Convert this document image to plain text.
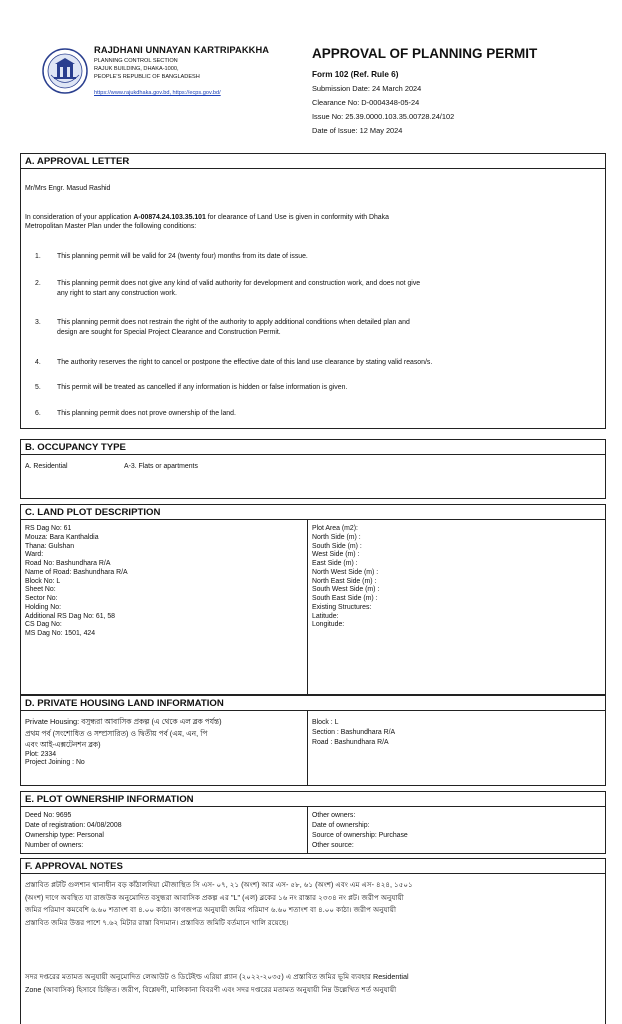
RAJDHANI UNNAYAN KARTRIPAKKHA
PLANNING CONTROL SECTION
RAJUK BUILDING, DHAKA-1000,
PEOPLE'S REPUBLIC OF BANGLADESH
https://www.rajukdhaka.gov.bd, https://ecps.gov.bd/
APPROVAL OF PLANNING PERMIT
Form 102 (Ref. Rule 6)
Submission Date: 24 March 2024
Clearance No: D-0004348-05-24
Issue No: 25.39.0000.103.35.00728.24/102
Date of Issue: 12 May 2024
A. APPROVAL LETTER
Mr/Mrs Engr. Masud Rashid
In consideration of your application A-00874.24.103.35.101 for clearance of Land Use is given in conformity with Dhaka
Metropolitan Master Plan under the following conditions:
1.	This planning permit will be valid for 24 (twenty four) months from its date of issue.
2.	This planning permit does not give any kind of valid authority for development and construction work, and does not give
any right to start any construction work.
3.	This planning permit does not restrain the right of the authority to apply additional conditions when detailed plan and
design are sought for Special Project Clearance and Construction Permit.
4.	The authority reserves the right to cancel or postpone the effective date of this land use clearance by stating valid reason/s.
5.	This permit will be treated as cancelled if any information is hidden or false information is given.
6.	This planning permit does not prove ownership of the land.
B. OCCUPANCY TYPE
A. Residential	A-3. Flats or apartments
C. LAND PLOT DESCRIPTION
RS Dag No: 61
Mouza: Bara Kanthaldia
Thana: Gulshan
Ward:
Road No: Bashundhara R/A
Name of Road: Bashundhara R/A
Block No: L
Sheet No:
Sector No:
Holding No:
Additional RS Dag No: 61, 58
CS Dag No:
MS Dag No: 1501, 424
Plot Area (m2):
North Side (m) :
South Side (m) :
West Side (m) :
East Side (m) :
North West Side (m) :
North East Side (m) :
South West Side (m) :
South East Side (m) :
Existing Structures:
Latitude:
Longitude:
D. PRIVATE HOUSING LAND INFORMATION
Private Housing: বসুন্ধরা আবাসিক প্রকল্প (এ থেকে এল ব্লক পর্যন্ত)
প্রথম পর্ব (সংশোধিত ও সম্প্রসারিত) ও দ্বিতীয় পর্ব (এম, এন, পি
এবং আই-এক্সটেনশন ব্লক)
Plot: 2334
Project Joining : No
Block : L
Section : Bashundhara R/A
Road : Bashundhara R/A
E. PLOT OWNERSHIP INFORMATION
Deed No: 9695
Date of registration: 04/08/2008
Ownership type: Personal
Number of owners:
Other owners:
Date of ownership:
Source of ownership: Purchase
Other source:
F. APPROVAL NOTES
প্রস্তাবিত প্লটটি গুলশান থানাধীন বড় কাঁঠালদিয়া মৌজাস্থিত সি এস- ০৭, ২১ (অংশ) আর এস- ৫৮, ৬১ (অংশ) এবং এম এস- ৪২৪, ১৫০১
(অংশ) দাগে অবস্থিত যা রাজউক অনুমোদিত বসুন্ধরা আবাসিক প্রকল্প এর "L" (এল) ব্লকের ১৬ নং রাস্তার ২৩৩৪ নং প্লট। জরীপ অনুযায়ী
জমির পরিমাণ কমবেশি ৬.৬০ শতাংশ বা ৪.০০ কাঠা। কাগজপত্র অনুযায়ী জমির পরিমাণ ৬.৬০ শতাংশ বা ৪.০০ কাঠা। জরীপ অনুযায়ী
প্রস্তাবিত জমির উত্তর পাশে ৭.৬২ মিটার রাস্তা বিদ্যমান। প্রস্তাবিত জমিটি বর্তমানে খালি রয়েছে।
সদর দপ্তরের মতামত অনুযায়ী অনুমোদিত লেআউট ও ডিটেইল্ড এরিয়া প্ল্যান (২০২২-২০৩৫) এ প্রস্তাবিত জমির ভূমি ব্যবহার Residential
Zone (আবাসিক) হিসাবে চিহ্নিত। জরীপ, বিশ্লেষণী, মালিকানা বিবরণী এবং সদর দপ্তরের মতামত অনুযায়ী নিম্ন উল্লেখিত শর্ত অনুযায়ী
